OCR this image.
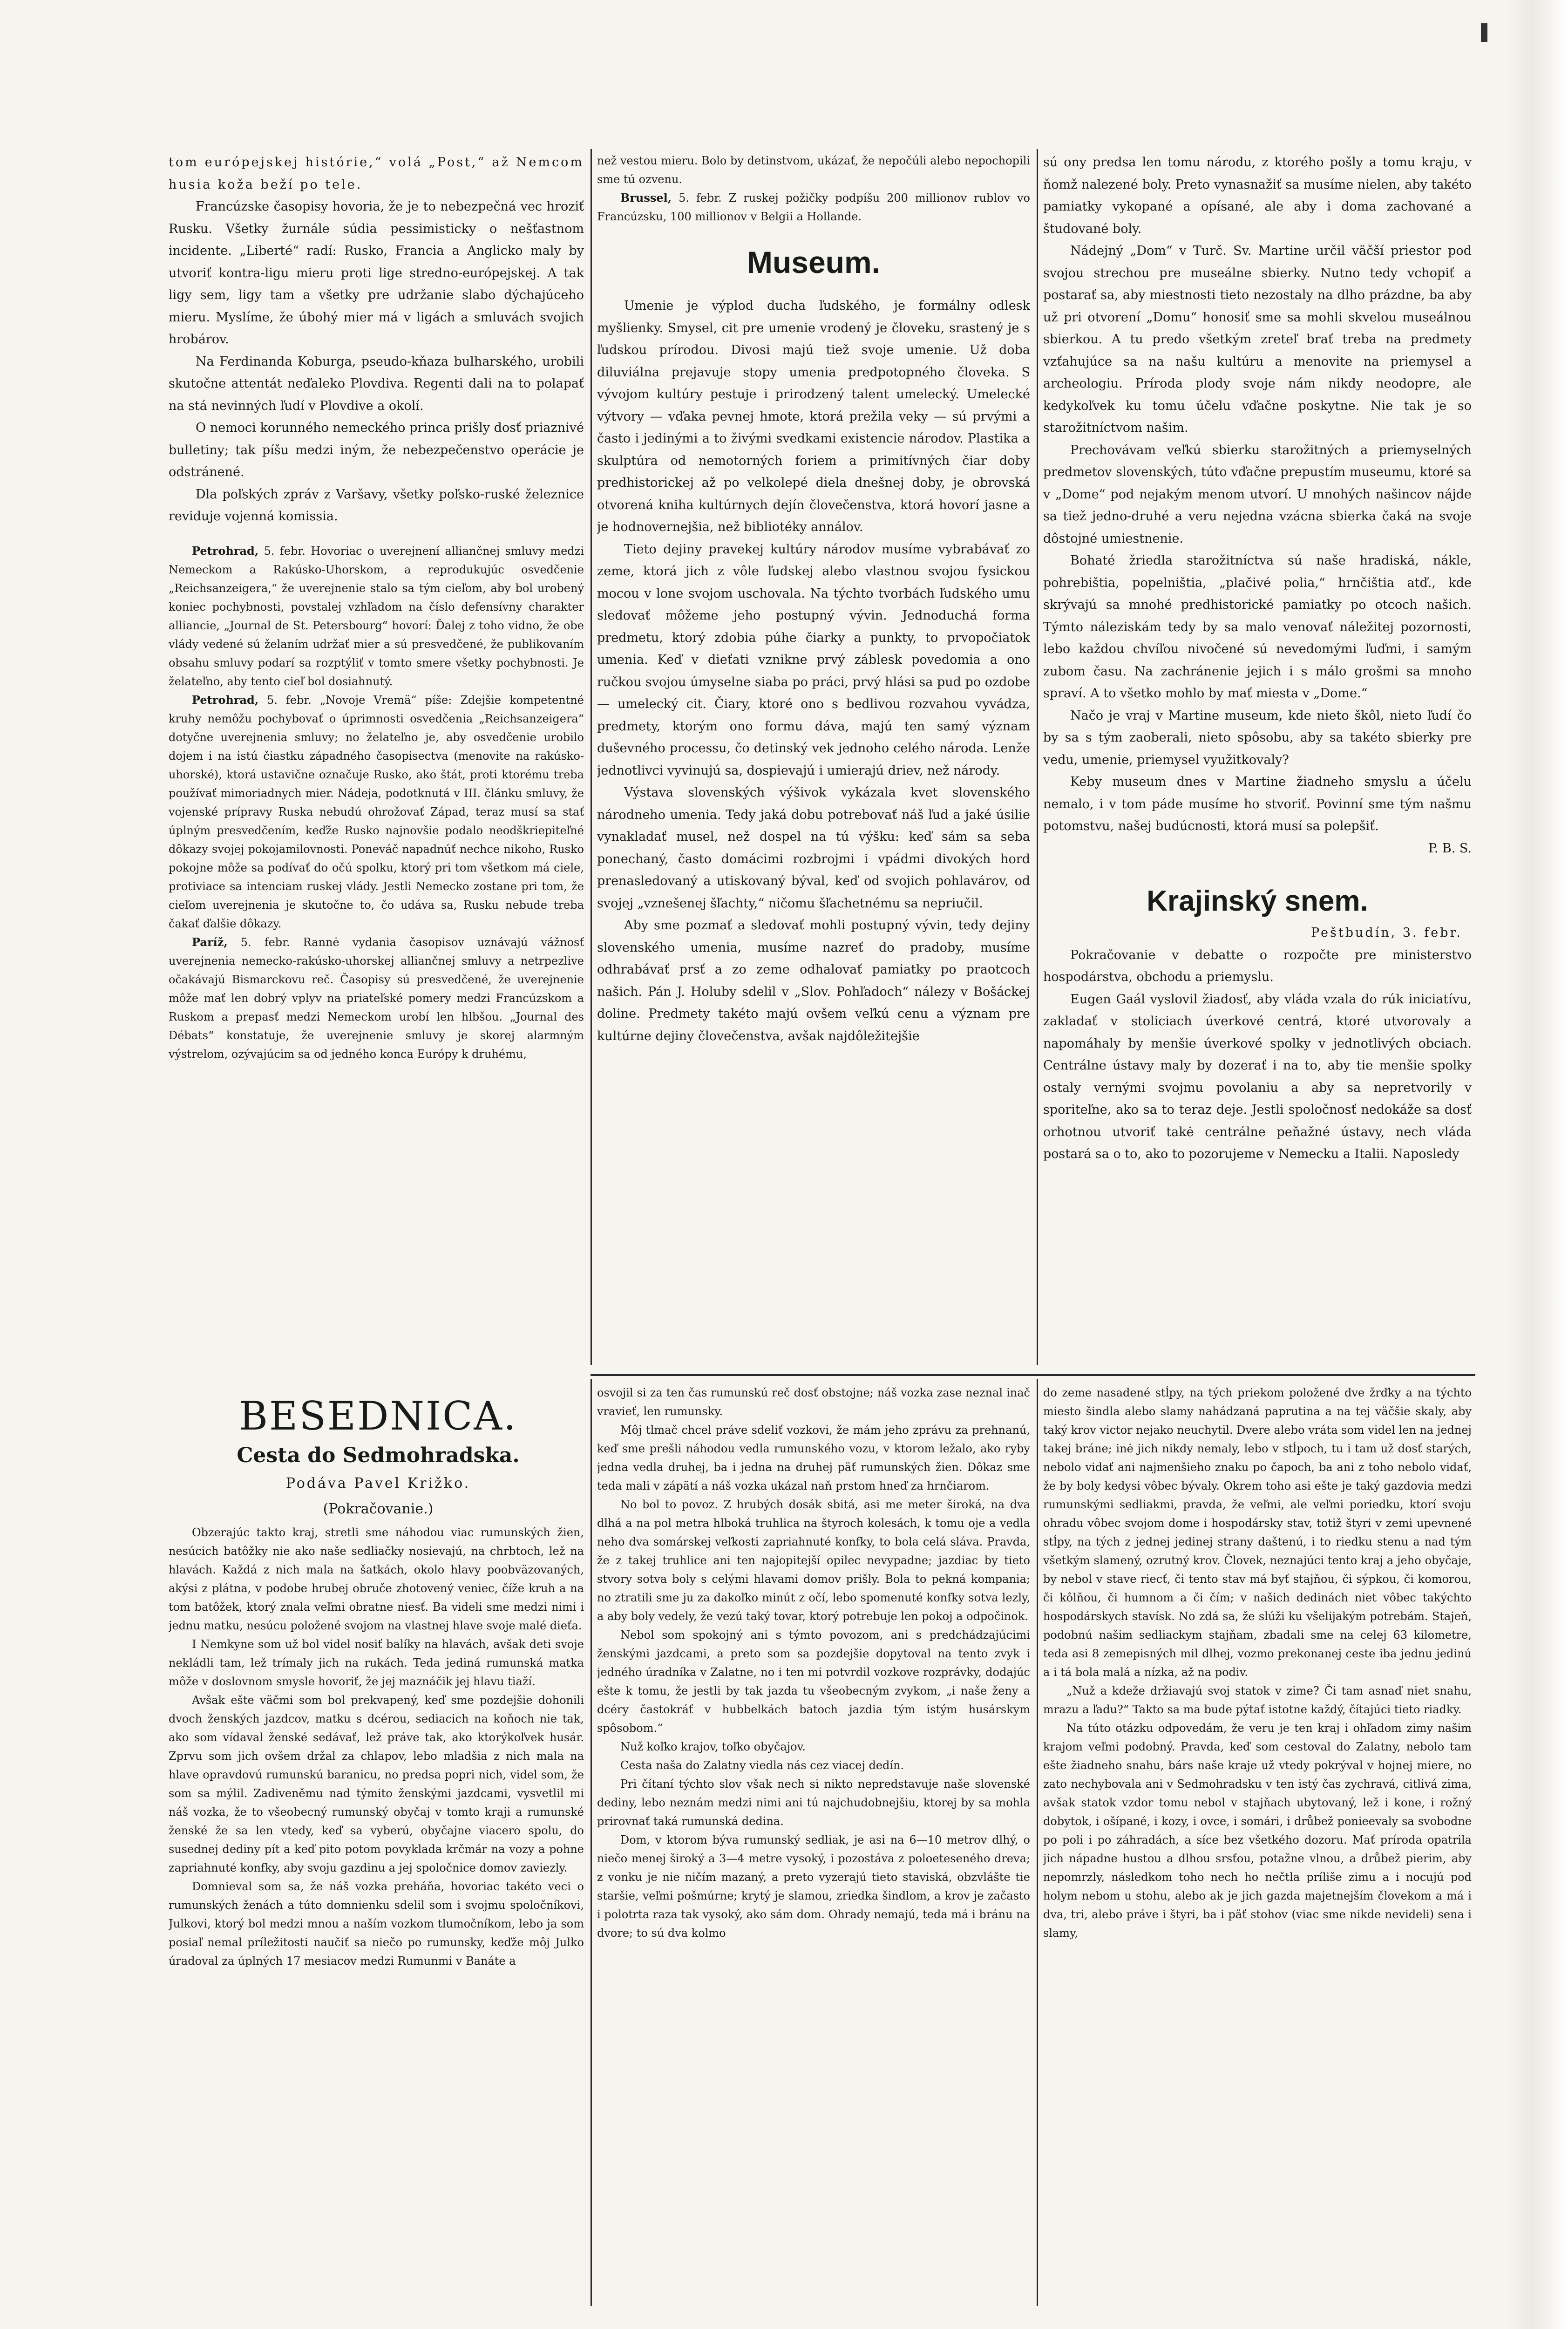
tom európejskej histórie,“ volá „Post,“ až Nemcom husia koža beží po tele.

Francúzske časopisy hovoria, že je to nebezpečná vec hroziť Rusku. Všetky žurnále súdia pessimisticky o nešťastnom incidente. „Liberté“ radí: Rusko, Francia a Anglicko maly by utvoriť kontra-ligu mieru proti lige stredno-európejskej. A tak ligy sem, ligy tam a všetky pre udržanie slabo dýchajúceho mieru. Myslíme, že úbohý mier má v ligách a smluvách svojich hrobárov.

Na Ferdinanda Koburga, pseudo-kňaza bulharského, urobili skutočne attentát neďaleko Plovdiva. Regenti dali na to polapať na stá nevinných ľudí v Plovdive a okolí.

O nemoci korunného nemeckého princa prišly dosť priaznivé bulletiny; tak píšu medzi iným, že nebezpečenstvo operácie je odstránené.

Dla poľských zpráv z Varšavy, všetky poľsko-ruské železnice reviduje vojenná komissia.

Petrohrad, 5. febr. Hovoriac o uverejnení alliančnej smluvy medzi Nemeckom a Rakúsko-Uhorskom, a reprodukujúc osvedčenie „Reichsanzeigera,“ že uverejnenie stalo sa tým cieľom, aby bol urobený koniec pochybnosti, povstalej vzhľadom na číslo defensívny charakter alliancie, „Journal de St. Petersbourg“ hovorí: Ďalej z toho vidno, že obe vlády vedené sú želaním udržať mier a sú presvedčené, že publikovaním obsahu smluvy podarí sa rozptýliť v tomto smere všetky pochybnosti. Je želateľno, aby tento cieľ bol dosiahnutý.

Petrohrad, 5. febr. „Novoje Vremä“ píše: Zdejšie kompetentné kruhy nemôžu pochybovať o úprimnosti osvedčenia „Reichsanzeigera“ dotyčne uverejnenia smluvy; no želateľno je, aby osvedčenie urobilo dojem i na istú čiastku západného časopisectva (menovite na rakúsko-uhorské), ktorá ustavične označuje Rusko, ako štát, proti ktorému treba používať mimoriadnych mier. Nádeja, podotknutá v III. článku smluvy, že vojenské prípravy Ruska nebudú ohrožovať Západ, teraz musí sa stať úplným presvedčením, keďže Rusko najnovšie podalo neodškriepiteľné dôkazy svojej pokojamilovnosti. Poneváč napadnúť nechce nikoho, Rusko pokojne môže sa podívať do očú spolku, ktorý pri tom všetkom má ciele, protiviace sa intenciam ruskej vlády. Jestli Nemecko zostane pri tom, že cieľom uverejnenia je skutočne to, čo udáva sa, Rusku nebude treba čakať ďalšie dôkazy.

Paríž, 5. febr. Rannė vydania časopisov uznávajú vážnosť uverejnenia nemecko-rakúsko-uhorskej alliančnej smluvy a netrpezlive očakávajú Bismarckovu reč. Časopisy sú presvedčené, že uverejnenie môže mať len dobrý vplyv na priateľské pomery medzi Francúzskom a Ruskom a prepasť medzi Nemeckom urobí len hlbšou. „Journal des Débats“ konstatuje, že uverejnenie smluvy je skorej alarmným výstrelom, ozývajúcim sa od jedného konca Európy k druhému,

než vestou mieru. Bolo by detinstvom, ukázať, že nepočúli alebo nepochopili sme tú ozvenu.

Brussel, 5. febr. Z ruskej požičky podpíšu 200 millionov rublov vo Francúzsku, 100 millionov v Belgii a Hollande.

Museum.

Umenie je výplod ducha ľudského, je formálny odlesk myšlienky. Smysel, cit pre umenie vrodený je človeku, srastený je s ľudskou prírodou. Divosi majú tiež svoje umenie. Už doba diluviálna prejavuje stopy umenia predpotopného človeka. S vývojom kultúry pestuje i prirodzený talent umelecký. Umelecké výtvory — vďaka pevnej hmote, ktorá prežila veky — sú prvými a často i jedinými a to živými svedkami existencie národov. Plastika a skulptúra od nemotorných foriem a primitívných čiar doby predhistorickej až po velkolepé diela dnešnej doby, je obrovská otvorená kniha kultúrnych dejín človečenstva, ktorá hovorí jasne a je hodnovernejšia, než bibliotéky annálov.

Tieto dejiny pravekej kultúry národov musíme vybrabávať zo zeme, ktorá jich z vôle ľudskej alebo vlastnou svojou fysickou mocou v lone svojom uschovala. Na týchto tvorbách ľudského umu sledovať môžeme jeho postupný vývin. Jednoduchá forma predmetu, ktorý zdobia púhe čiarky a punkty, to prvopočiatok umenia. Keď v dieťati vznikne prvý záblesk povedomia a ono ručkou svojou úmyselne siaba po práci, prvý hlási sa pud po ozdobe — umelecký cit. Čiary, ktoré ono s bedlivou rozvahou vyvádza, predmety, ktorým ono formu dáva, majú ten samý význam duševného processu, čo detinský vek jednoho celého národa. Lenže jednotlivci vyvinujú sa, dospievajú i umierajú driev, než národy.

Výstava slovenských výšivok vykázala kvet slovenského národneho umenia. Tedy jaká dobu potrebovať náš ľud a jaké úsilie vynakladať musel, než dospel na tú výšku: keď sám sa seba ponechaný, často domácimi rozbrojmi i vpádmi divokých hord prenasledovaný a utiskovaný býval, keď od svojich pohlavárov, od svojej „vznešenej šľachty,“ ničomu šľachetnému sa nepriučil.

Aby sme pozmať a sledovať mohli postupný vývin, tedy dejiny slovenského umenia, musíme nazreť do pradoby, musíme odhrabávať prsť a zo zeme odhalovať pamiatky po praotcoch našich. Pán J. Holuby sdelil v „Slov. Pohľadoch“ nálezy v Bošáckej doline. Predmety takéto majú ovšem veľkú cenu a význam pre kultúrne dejiny človečenstva, avšak najdôležitejšie

sú ony predsa len tomu národu, z ktorého pošly a tomu kraju, v ňomž nalezené boly. Preto vynasnažiť sa musíme nielen, aby takéto pamiatky vykopané a opísané, ale aby i doma zachované a študované boly.

Nádejný „Dom“ v Turč. Sv. Martine určil väčší priestor pod svojou strechou pre museálne sbierky. Nutno tedy vchopiť a postarať sa, aby miestnosti tieto nezostaly na dlho prázdne, ba aby už pri otvorení „Domu“ honosiť sme sa mohli skvelou museálnou sbierkou. A tu predo všetkým zreteľ brať treba na predmety vzťahujúce sa na našu kultúru a menovite na priemysel a archeologiu. Príroda plody svoje nám nikdy neodopre, ale kedykoľvek ku tomu účelu vďačne poskytne. Nie tak je so starožitníctvom našim.

Prechovávam veľkú sbierku starožitných a priemyselných predmetov slovenských, túto vďačne prepustím museumu, ktoré sa v „Dome“ pod nejakým menom utvorí. U mnohých našincov nájde sa tiež jedno-druhé a veru nejedna vzácna sbierka čaká na svoje dôstojné umiestnenie.

Bohaté žriedla starožitníctva sú naše hradiská, nákle, pohrebištia, popelništia, „plačivé polia,“ hrnčištia atď., kde skrývajú sa mnohé predhistorické pamiatky po otcoch našich. Týmto náleziskám tedy by sa malo venovať náležitej pozornosti, lebo každou chvíľou nivočené sú nevedomými ľuďmi, i samým zubom času. Na zachránenie jejich i s málo grošmi sa mnoho spraví. A to všetko mohlo by mať miesta v „Dome.“

Načo je vraj v Martine museum, kde nieto škôl, nieto ľudí čo by sa s tým zaoberali, nieto spôsobu, aby sa takéto sbierky pre vedu, umenie, priemysel využitkovaly?

Keby museum dnes v Martine žiadneho smyslu a účelu nemalo, i v tom páde musíme ho stvoriť. Povinní sme tým našmu potomstvu, našej budúcnosti, ktorá musí sa polepšiť.

P. B. S.
Krajinský snem.
Peštbudín, 3. febr.

Pokračovanie v debatte o rozpočte pre ministerstvo hospodárstva, obchodu a priemyslu.

Eugen Gaál vyslovil žiadosť, aby vláda vzala do rúk iniciatívu, zakladať v stoliciach úverkové centrá, ktoré utvorovaly a napomáhaly by menšie úverkové spolky v jednotlivých obciach. Centrálne ústavy maly by dozerať i na to, aby tie menšie spolky ostaly vernými svojmu povolaniu a aby sa nepretvorily v sporiteľne, ako sa to teraz deje. Jestli spoločnosť nedokáže sa dosť orhotnou utvoriť takė centrálne peňažné ústavy, nech vláda postará sa o to, ako to pozorujeme v Nemecku a Italii. Naposledy

BESEDNICA.
Cesta do Sedmohradska.
Podáva Pavel Križko.
(Pokračovanie.)

Obzerajúc takto kraj, stretli sme náhodou viac rumunských žien, nesúcich batôžky nie ako naše sedliačky nosievajú, na chrbtoch, lež na hlavách. Každá z nich mala na šatkách, okolo hlavy poobväzovaných, akýsi z plátna, v podobe hrubej obruče zhotovený veniec, číže kruh a na tom batôžek, ktorý znala veľmi obratne niesť. Ba videli sme medzi nimi i jednu matku, nesúcu položené svojom na vlastnej hlave svoje malé dieťa.

I Nemkyne som už bol videl nosiť balíky na hlavách, avšak deti svoje nekládli tam, lež trímaly jich na rukách. Teda jediná rumunská matka môže v doslovnom smysle hovoriť, že jej maznáčik jej hlavu tiaží.

Avšak ešte väčmi som bol prekvapený, keď sme pozdejšie dohonili dvoch ženských jazdcov, matku s dcérou, sediacich na koňoch nie tak, ako som vídaval ženské sedávať, lež práve tak, ako ktorýkoľvek husár. Zprvu som jich ovšem držal za chlapov, lebo mladšia z nich mala na hlave opravdovú rumunskú baranicu, no predsa popri nich, videl som, že som sa mýlil. Zadiveněmu nad týmito ženskými jazdcami, vysvetlil mi náš vozka, že to všeobecný rumunský obyčaj v tomto kraji a rumunské ženské že sa len vtedy, keď sa vyberú, obyčajne viacero spolu, do susednej dediny pít a keď pito potom povyklada krčmár na vozy a pohne zapriahnuté konfky, aby svoju gazdinu a jej spoločnice domov zaviezly.

Domnieval som sa, že náš vozka preháňa, hovoriac takéto veci o rumunských ženách a túto domnienku sdelil som i svojmu spoločníkovi, Julkovi, ktorý bol medzi mnou a naším vozkom tlumočníkom, lebo ja som posiaľ nemal príležitosti naučiť sa niečo po rumunsky, keďže môj Julko úradoval za úplných 17 mesiacov medzi Rumunmi v Banáte a

osvojil si za ten čas rumunskú reč dosť obstojne; náš vozka zase neznal inač vravieť, len rumunsky.

Môj tlmač chcel práve sdeliť vozkovi, že mám jeho zprávu za prehnanú, keď sme prešli náhodou vedla rumunského vozu, v ktorom ležalo, ako ryby jedna vedla druhej, ba i jedna na druhej päť rumunských žien. Dôkaz sme teda mali v zápätí a náš vozka ukázal naň prstom hneď za hrnčiarom.

No bol to povoz. Z hrubých dosák sbitá, asi me meter široká, na dva dlhá a na pol metra hlboká truhlica na štyroch kolesách, k tomu oje a vedla neho dva somárskej veľkosti zapriahnuté konfky, to bola celá sláva. Pravda, že z takej truhlice ani ten najopitejší opilec nevypadne; jazdiac by tieto stvory sotva boly s celými hlavami domov prišly. Bola to pekná kompania; no ztratili sme ju za dakoľko minút z očí, lebo spomenuté konfky sotva lezly, a aby boly vedely, že vezú taký tovar, ktorý potrebuje len pokoj a odpočinok.

Nebol som spokojný ani s týmto povozom, ani s predchádzajúcimi ženskými jazdcami, a preto som sa pozdejšie dopytoval na tento zvyk i jedného úradníka v Zalatne, no i ten mi potvrdil vozkove rozprávky, dodajúc ešte k tomu, že jestli by tak jazda tu všeobecným zvykom, „i naše ženy a dcéry častokráť v hubbelkách batoch jazdia tým istým husárskym spôsobom.“

Nuž koľko krajov, toľko obyčajov.

Cesta naša do Zalatny viedla nás cez viacej dedín.

Pri čítaní týchto slov však nech si nikto nepredstavuje naše slovenské dediny, lebo neznám medzi nimi ani tú najchudobnejšiu, ktorej by sa mohla prirovnať taká rumunská dedina.

Dom, v ktorom býva rumunský sedliak, je asi na 6—10 metrov dlhý, o niečo menej široký a 3—4 metre vysoký, i pozostáva z poloeteseného dreva; z vonku je nie ničím mazaný, a preto vyzerajú tieto staviská, obzvlášte tie staršie, veľmi pošmúrne; krytý je slamou, zriedka šindlom, a krov je začasto i polotrta raza tak vysoký, ako sám dom. Ohrady nemajú, teda má i bránu na dvore; to sú dva kolmo

do zeme nasadené stĺpy, na tých priekom položené dve žrďky a na týchto miesto šindla alebo slamy nahádzaná paprutina a na tej väčšie skaly, aby taký krov victor nejako neuchytil. Dvere alebo vráta som videl len na jednej takej bráne; inė jich nikdy nemaly, lebo v stĺpoch, tu i tam už dosť starých, nebolo vidať ani najmenšieho znaku po čapoch, ba ani z toho nebolo vidať, že by boly kedysi vôbec bývaly. Okrem toho asi ešte je taký gazdovia medzi rumunskými sedliakmi, pravda, že veľmi, ale veľmi poriedku, ktorí svoju ohradu vôbec svojom dome i hospodársky stav, totiž štyri v zemi upevnené stĺpy, na tých z jednej jedinej strany daštenú, i to riedku stenu a nad tým všetkým slamený, ozrutný krov. Človek, neznajúci tento kraj a jeho obyčaje, by nebol v stave riecť, či tento stav má byť stajňou, či sýpkou, či komorou, či kôlňou, či humnom a či čím; v našich dedinách niet vôbec takýchto hospodárskych stavísk. No zdá sa, že slúži ku všelijakým potrebám. Stajeň, podobnú našim sedliackym stajňam, zbadali sme na celej 63 kilometre, teda asi 8 zemepisných mil dlhej, vozmo prekonanej ceste iba jednu jedinú a i tá bola malá a nízka, až na podiv.

„Nuž a kdeže držiavajú svoj statok v zime? Či tam asnaď niet snahu, mrazu a ľadu?“ Takto sa ma bude pýtať istotne každý, čítajúci tieto riadky.

Na túto otázku odpovedám, že veru je ten kraj i ohľadom zimy našim krajom veľmi podobný. Pravda, keď som cestoval do Zalatny, nebolo tam ešte žiadneho snahu, bárs naše kraje už vtedy pokrýval v hojnej miere, no zato nechybovala ani v Sedmohradsku v ten istý čas zychravá, citlivá zima, avšak statok vzdor tomu nebol v stajňach ubytovaný, lež i kone, i rožný dobytok, i ošípané, i kozy, i ovce, i somári, i drůbež ponieevaly sa svobodne po poli i po záhradách, a síce bez všetkého dozoru. Mať príroda opatrila jich nápadne hustou a dlhou srsťou, potažne vlnou, a drůbež pierim, aby nepomrzly, následkom toho nech ho nečtla príliše zimu a i nocujú pod holym nebom u stohu, alebo ak je jich gazda majetnejším človekom a má i dva, tri, alebo práve i štyri, ba i päť stohov (viac sme nikde nevideli) sena i slamy,
